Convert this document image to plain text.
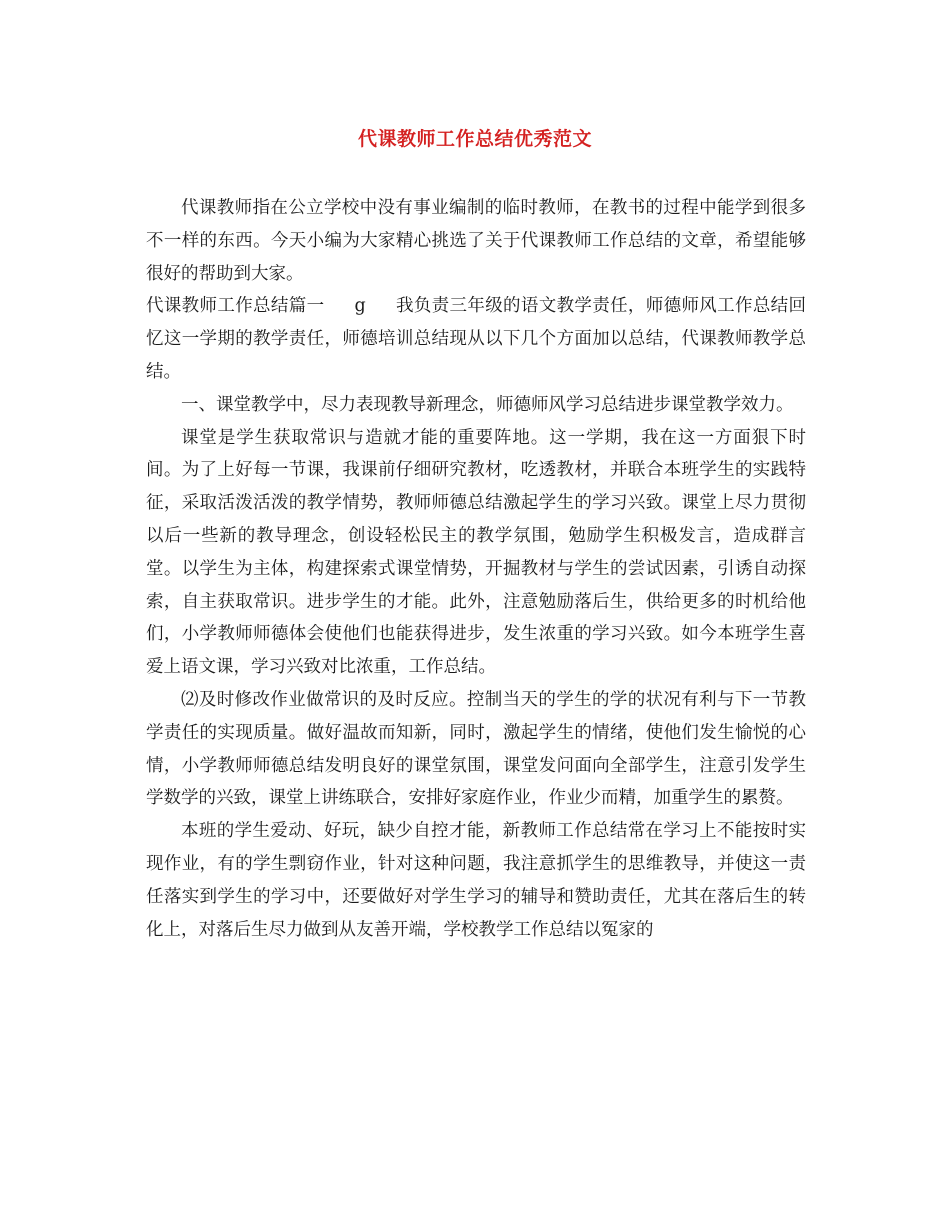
代课教师工作总结优秀范文

代课教师指在公立学校中没有事业编制的临时教师，在教书的过程中能学到很多不一样的东西。今天小编为大家精心挑选了关于代课教师工作总结的文章，希望能够很好的帮助到大家。

代课教师工作总结篇一 g 我负责三年级的语文教学责任，师德师风工作总结回忆这一学期的教学责任，师德培训总结现从以下几个方面加以总结，代课教师教学总结。

一、课堂教学中，尽力表现教导新理念，师德师风学习总结进步课堂教学效力。

课堂是学生获取常识与造就才能的重要阵地。这一学期，我在这一方面狠下时间。为了上好每一节课，我课前仔细研究教材，吃透教材，并联合本班学生的实践特征，采取活泼活泼的教学情势，教师师德总结激起学生的学习兴致。课堂上尽力贯彻以后一些新的教导理念，创设轻松民主的教学氛围，勉励学生积极发言，造成群言堂。以学生为主体，构建探索式课堂情势，开掘教材与学生的尝试因素，引诱自动探索，自主获取常识。进步学生的才能。此外，注意勉励落后生，供给更多的时机给他们，小学教师师德体会使他们也能获得进步，发生浓重的学习兴致。如今本班学生喜爱上语文课，学习兴致对比浓重，工作总结。

⑵及时修改作业做常识的及时反应。控制当天的学生的学的状况有利与下一节教学责任的实现质量。做好温故而知新，同时，激起学生的情绪，使他们发生愉悦的心情，小学教师师德总结发明良好的课堂氛围，课堂发问面向全部学生，注意引发学生学数学的兴致，课堂上讲练联合，安排好家庭作业，作业少而精，加重学生的累赘。

本班的学生爱动、好玩，缺少自控才能，新教师工作总结常在学习上不能按时实现作业，有的学生剽窃作业，针对这种问题，我注意抓学生的思维教导，并使这一责任落实到学生的学习中，还要做好对学生学习的辅导和赞助责任，尤其在落后生的转化上，对落后生尽力做到从友善开端，学校教学工作总结以冤家的
